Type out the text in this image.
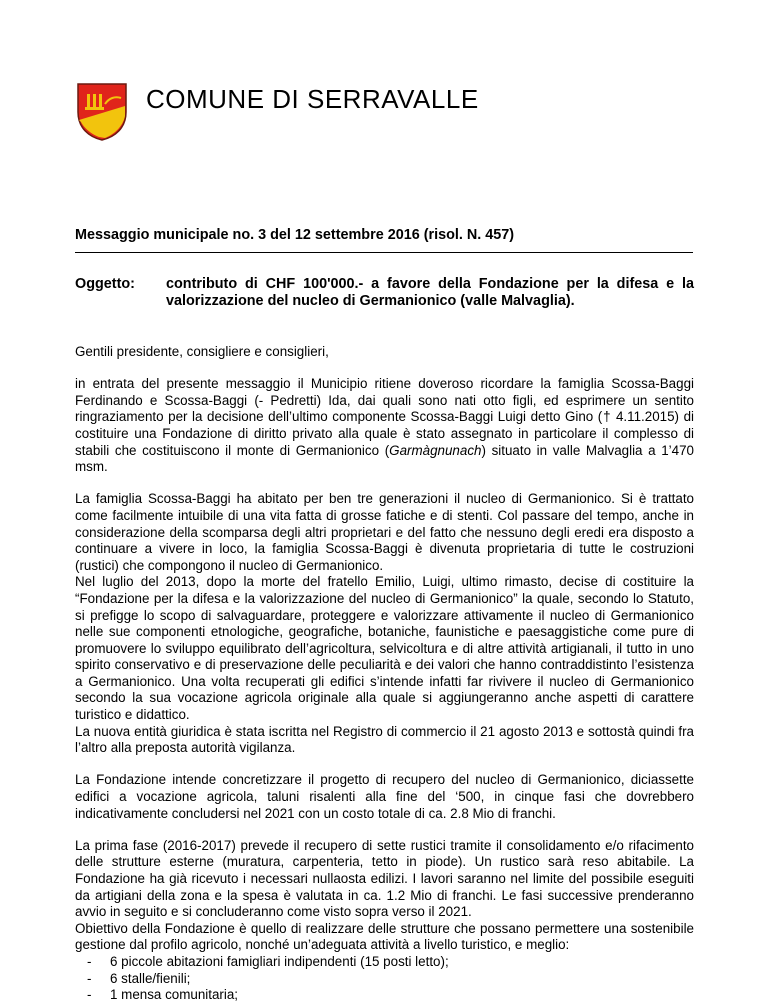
COMUNE DI SERRAVALLE
Messaggio municipale no. 3 del 12 settembre 2016 (risol. N. 457)
Oggetto: contributo di CHF 100'000.- a favore della Fondazione per la difesa e la valorizzazione del nucleo di Germanionico (valle Malvaglia).

Gentili presidente, consigliere e consiglieri,

in entrata del presente messaggio il Municipio ritiene doveroso ricordare la famiglia Scossa-Baggi Ferdinando e Scossa-Baggi (- Pedretti) Ida, dai quali sono nati otto figli, ed esprimere un sentito ringraziamento per la decisione dell’ultimo componente Scossa-Baggi Luigi detto Gino († 4.11.2015) di costituire una Fondazione di diritto privato alla quale è stato assegnato in particolare il complesso di stabili che costituiscono il monte di Germanionico (Garmàgnunach) situato in valle Malvaglia a 1’470 msm.

La famiglia Scossa-Baggi ha abitato per ben tre generazioni il nucleo di Germanionico. Si è trattato come facilmente intuibile di una vita fatta di grosse fatiche e di stenti. Col passare del tempo, anche in considerazione della scomparsa degli altri proprietari e del fatto che nessuno degli eredi era disposto a continuare a vivere in loco, la famiglia Scossa-Baggi è divenuta proprietaria di tutte le costruzioni (rustici) che compongono il nucleo di Germanionico.

Nel luglio del 2013, dopo la morte del fratello Emilio, Luigi, ultimo rimasto, decise di costituire la “Fondazione per la difesa e la valorizzazione del nucleo di Germanionico” la quale, secondo lo Statuto, si prefigge lo scopo di salvaguardare, proteggere e valorizzare attivamente il nucleo di Germanionico nelle sue componenti etnologiche, geografiche, botaniche, faunistiche e paesaggistiche come pure di promuovere lo sviluppo equilibrato dell’agricoltura, selvicoltura e di altre attività artigianali, il tutto in uno spirito conservativo e di preservazione delle peculiarità e dei valori che hanno contraddistinto l’esistenza a Germanionico. Una volta recuperati gli edifici s’intende infatti far rivivere il nucleo di Germanionico secondo la sua vocazione agricola originale alla quale si aggiungeranno anche aspetti di carattere turistico e didattico.

La nuova entità giuridica è stata iscritta nel Registro di commercio il 21 agosto 2013 e sottostà quindi fra l’altro alla preposta autorità vigilanza.

La Fondazione intende concretizzare il progetto di recupero del nucleo di Germanionico, diciassette edifici a vocazione agricola, taluni risalenti alla fine del ‘500, in cinque fasi che dovrebbero indicativamente concludersi nel 2021 con un costo totale di ca. 2.8 Mio di franchi.

La prima fase (2016-2017) prevede il recupero di sette rustici tramite il consolidamento e/o rifacimento delle strutture esterne (muratura, carpenteria, tetto in piode). Un rustico sarà reso abitabile. La Fondazione ha già ricevuto i necessari nullaosta edilizi. I lavori saranno nel limite del possibile eseguiti da artigiani della zona e la spesa è valutata in ca. 1.2 Mio di franchi. Le fasi successive prenderanno avvio in seguito e si concluderanno come visto sopra verso il 2021.

Obiettivo della Fondazione è quello di realizzare delle strutture che possano permettere una sostenibile gestione dal profilo agricolo, nonché un’adeguata attività a livello turistico, e meglio:

- 6 piccole abitazioni famigliari indipendenti (15 posti letto);
- 6 stalle/fienili;
- 1 mensa comunitaria;
